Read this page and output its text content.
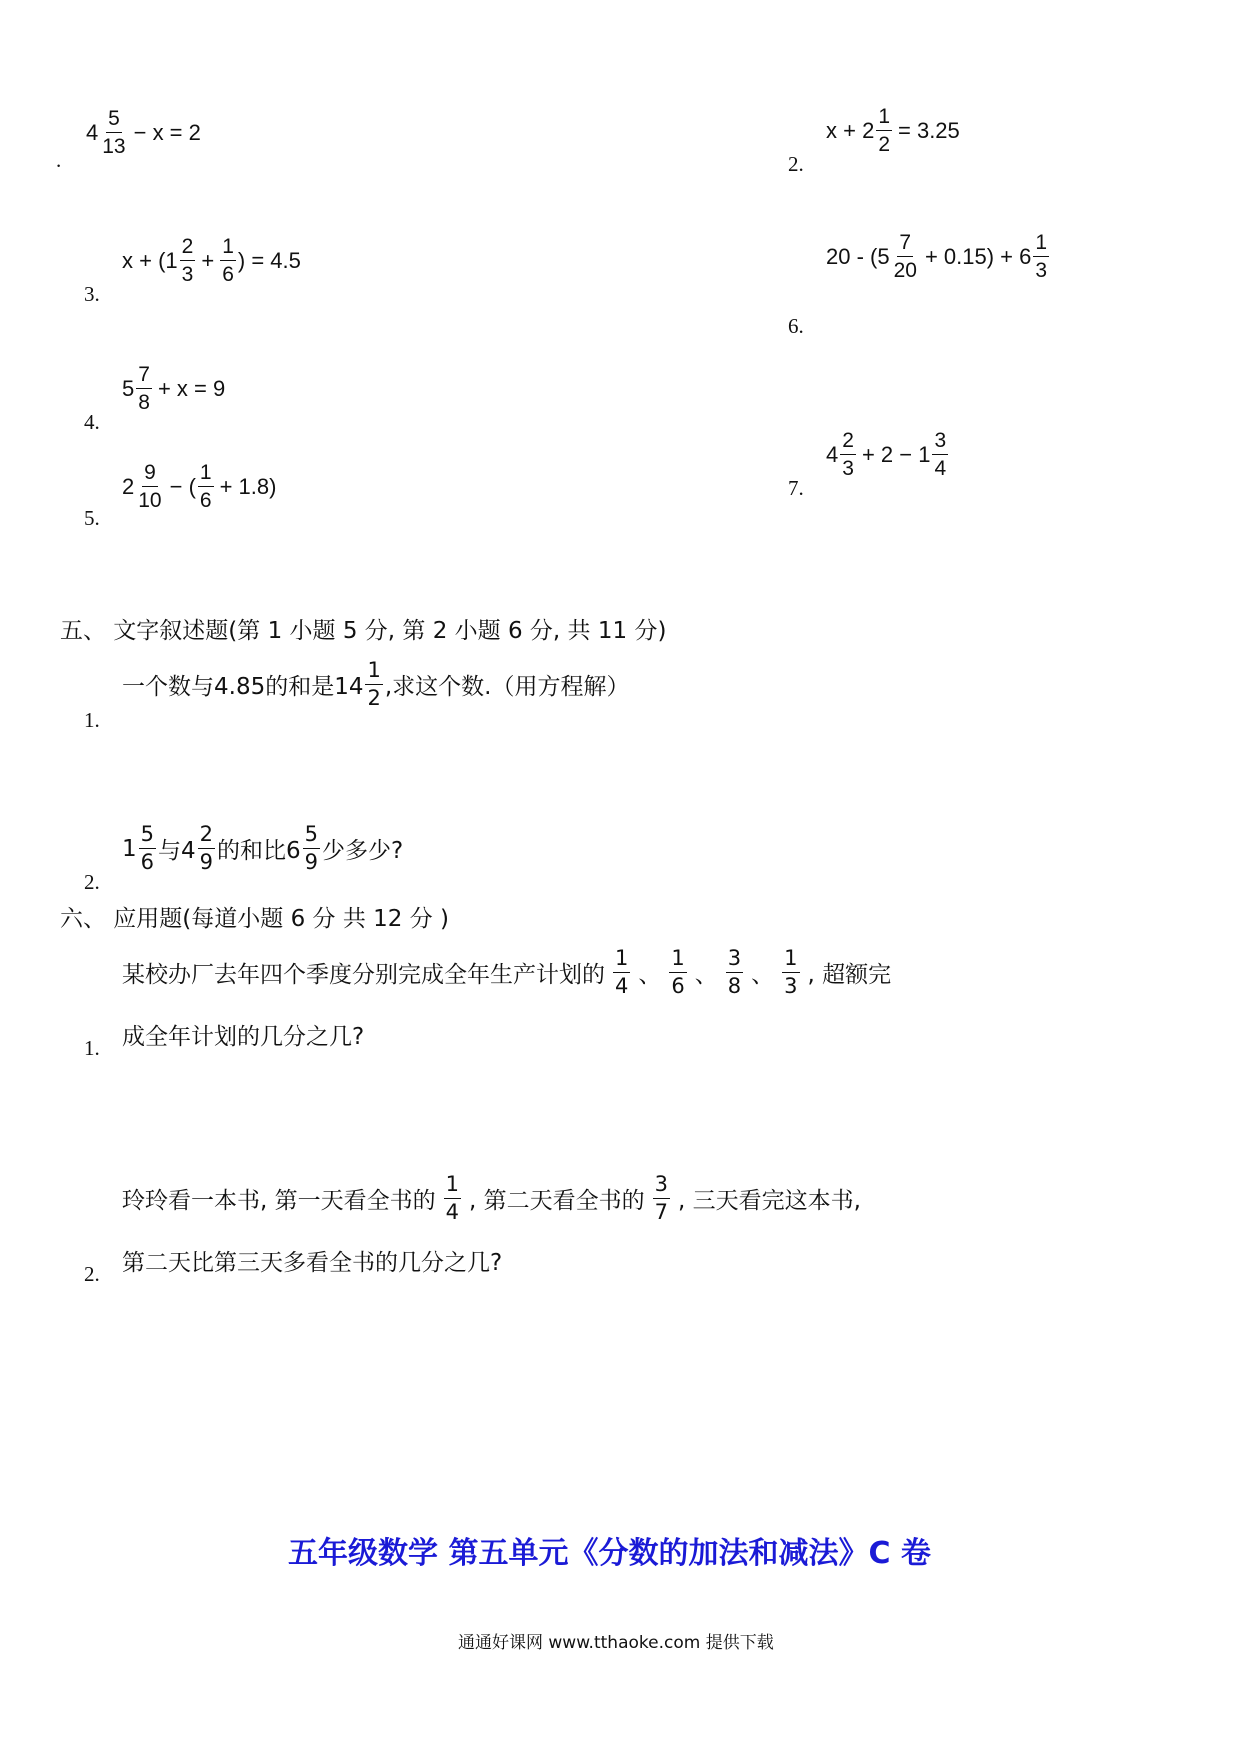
.
$4 \frac{5}{13} - x = 2$
2.
$x + 2 \frac{1}{2} = 3.25$
3.
$x + (1 \frac{2}{3} + \frac{1}{6}$ ) = 4.5
6.
$20 - (5 \frac{7}{20} + 0.15) + 6 \frac{1}{3}$
4.
$5 \frac{7}{8} + x = 9$
7.
$4 \frac{2}{3} + 2 - 1 \frac{3}{4}$
5.
$2 \frac{9}{10}$ − ( $\frac{1}{6} + 1.8$)
五、 文字叙述题(第 1 小题 5 分, 第 2 小题 6 分, 共 11 分)
1.
一个数与4.85的和是$14 \frac{1}{2}$ ,求这个数.（用方程解）
2.
$1 \frac{5}{6}$ 与$4 \frac{2}{9}$ 的和比$6 \frac{5}{9}$ 少多少?
六、 应用题(每道小题 6 分 共 12 分 )
某校办厂去年四个季度分别完成全年生产计划的 $\frac{1}{4}$ 、 $\frac{1}{6}$ 、 $\frac{3}{8}$ 、 $\frac{1}{3}$ , 超额完
1. 成全年计划的几分之几?
玲玲看一本书, 第一天看全书的 $\frac{1}{4}$ , 第二天看全书的 $\frac{3}{7}$ , 三天看完这本书,
2. 第二天比第三天多看全书的几分之几?
五年级数学 第五单元《分数的加法和减法》C 卷
通通好课网 www.tthaoke.com 提供下载
